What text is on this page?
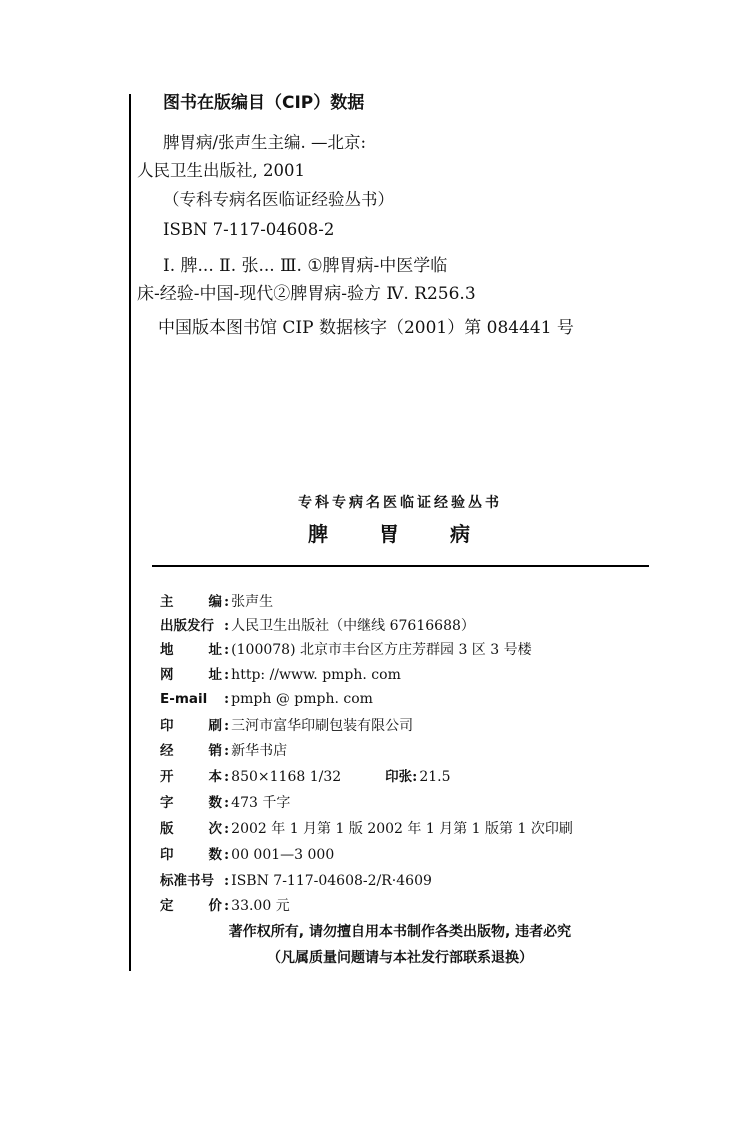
图书在版编目（CIP）数据
脾胃病/张声生主编. —北京:
人民卫生出版社, 2001
（专科专病名医临证经验丛书）
ISBN 7-117-04608-2
Ⅰ. 脾... Ⅱ. 张... Ⅲ. ①脾胃病-中医学临
床-经验-中国-现代②脾胃病-验方 Ⅳ. R256.3
中国版本图书馆 CIP 数据核字（2001）第 084441 号
专科专病名医临证经验丛书
脾 胃 病
主	编 : 张声生
出版发行 : 人民卫生出版社（中继线 67616688）
地	址 : (100078) 北京市丰台区方庄芳群园 3 区 3 号楼
网	址 : http: //www. pmph. com
E-mail	: pmph @ pmph. com
印	刷 : 三河市富华印刷包装有限公司
经	销 : 新华书店
开	本 : 850×1168 1/32	印张 : 21.5
字	数 : 473 千字
版	次 : 2002 年 1 月第 1 版 2002 年 1 月第 1 版第 1 次印刷
印	数 : 00 001—3 000
标准书号 : ISBN 7-117-04608-2/R·4609
定	价 : 33.00 元
著作权所有, 请勿擅自用本书制作各类出版物, 违者必究
（凡属质量问题请与本社发行部联系退换）
